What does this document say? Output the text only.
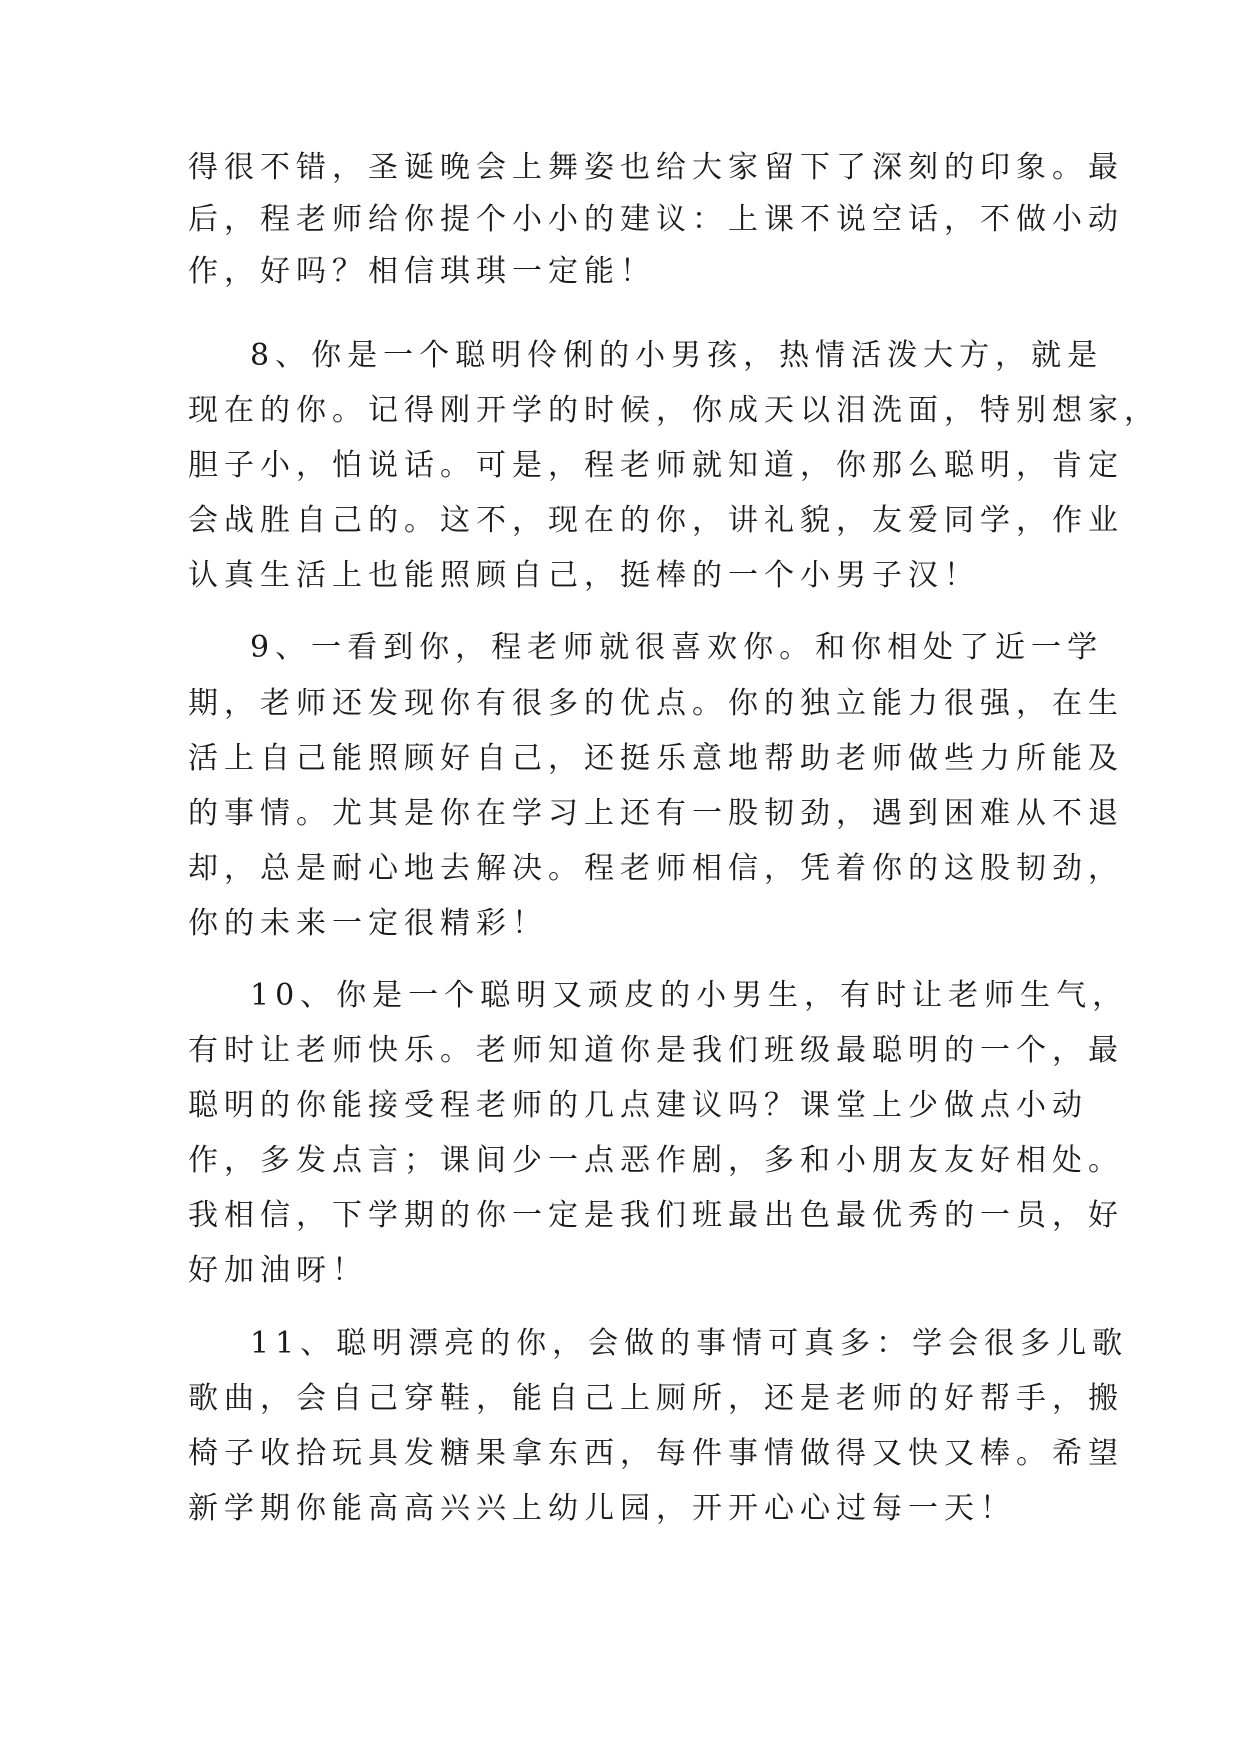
得很不错，圣诞晚会上舞姿也给大家留下了深刻的印象。最

后，程老师给你提个小小的建议：上课不说空话，不做小动

作，好吗？相信琪琪一定能！

8、你是一个聪明伶俐的小男孩，热情活泼大方，就是

现在的你。记得刚开学的时候，你成天以泪洗面，特别想家，

胆子小，怕说话。可是，程老师就知道，你那么聪明，肯定

会战胜自己的。这不，现在的你，讲礼貌，友爱同学，作业

认真生活上也能照顾自己，挺棒的一个小男子汉！

9、一看到你，程老师就很喜欢你。和你相处了近一学

期，老师还发现你有很多的优点。你的独立能力很强，在生

活上自己能照顾好自己，还挺乐意地帮助老师做些力所能及

的事情。尤其是你在学习上还有一股韧劲，遇到困难从不退

却，总是耐心地去解决。程老师相信，凭着你的这股韧劲，

你的未来一定很精彩！

10、你是一个聪明又顽皮的小男生，有时让老师生气，

有时让老师快乐。老师知道你是我们班级最聪明的一个，最

聪明的你能接受程老师的几点建议吗？课堂上少做点小动

作，多发点言；课间少一点恶作剧，多和小朋友友好相处。

我相信，下学期的你一定是我们班最出色最优秀的一员，好

好加油呀！

11、聪明漂亮的你，会做的事情可真多：学会很多儿歌

歌曲，会自己穿鞋，能自己上厕所，还是老师的好帮手，搬

椅子收拾玩具发糖果拿东西，每件事情做得又快又棒。希望

新学期你能高高兴兴上幼儿园，开开心心过每一天！
